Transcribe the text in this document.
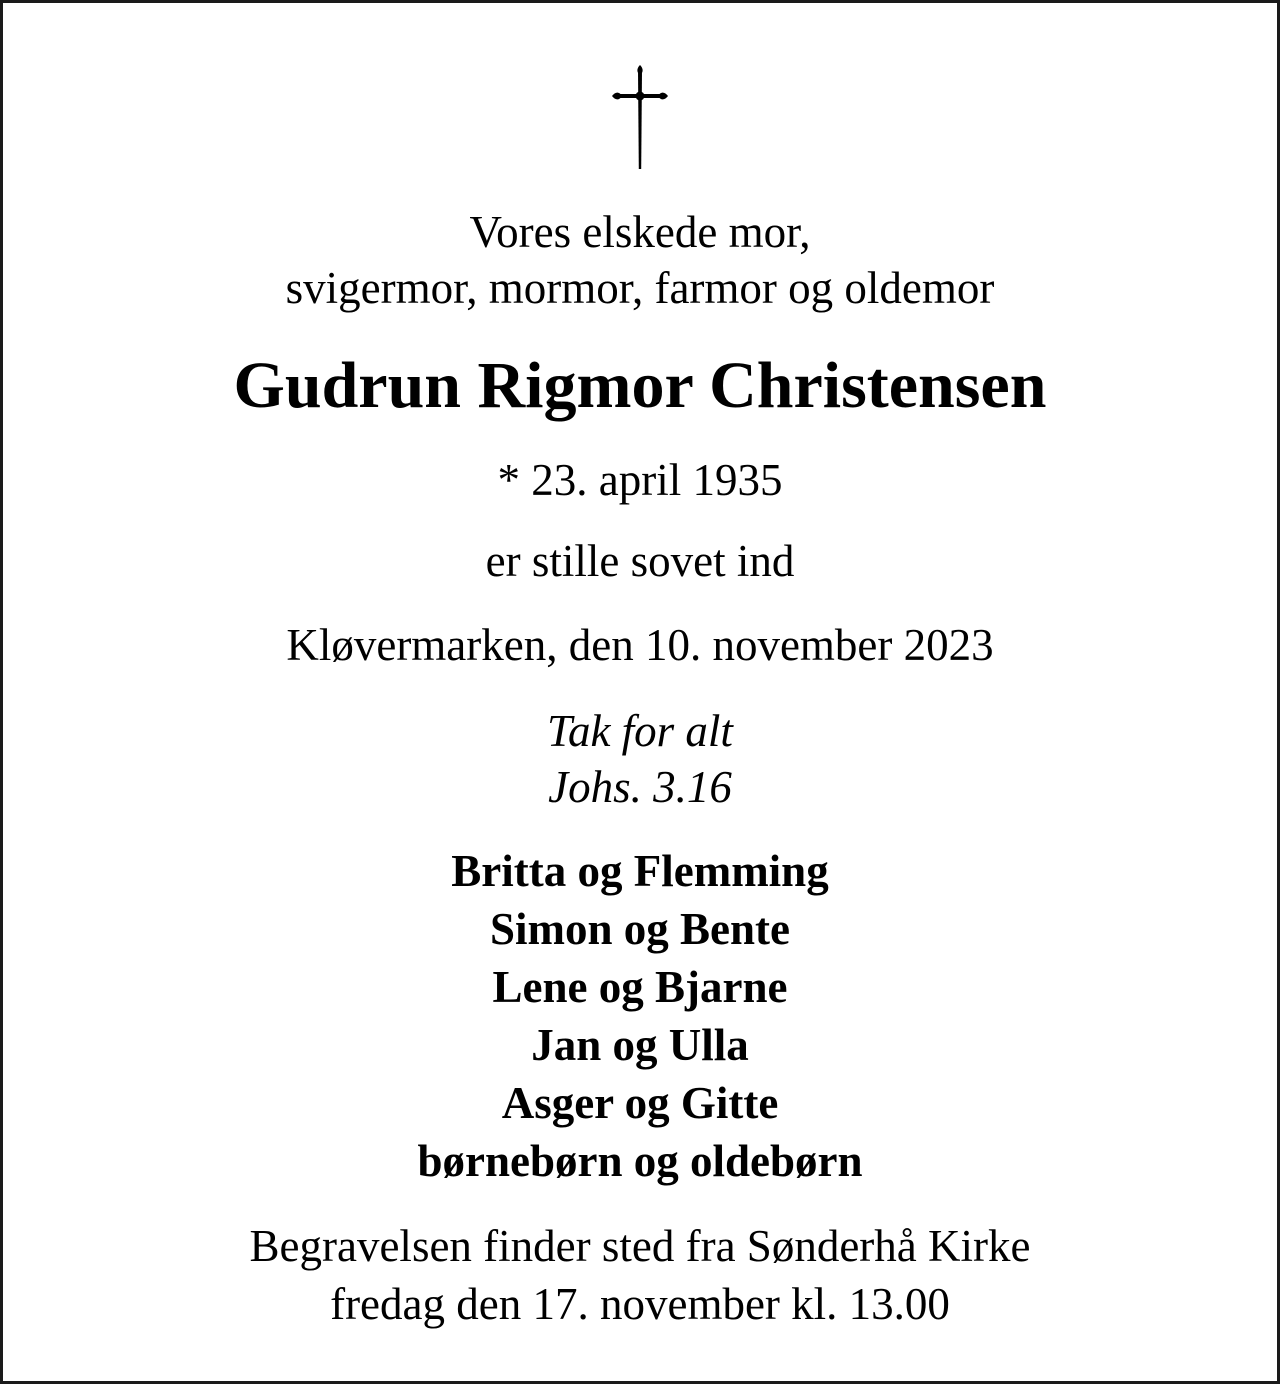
Vores elskede mor,

svigermor, mormor, farmor og oldemor

Gudrun Rigmor Christensen

* 23. april 1935

er stille sovet ind

Kløvermarken, den 10. november 2023

Tak for alt

Johs. 3.16

Britta og Flemming

Simon og Bente

Lene og Bjarne

Jan og Ulla

Asger og Gitte

børnebørn og oldebørn

Begravelsen finder sted fra Sønderhå Kirke

fredag den 17. november kl. 13.00
